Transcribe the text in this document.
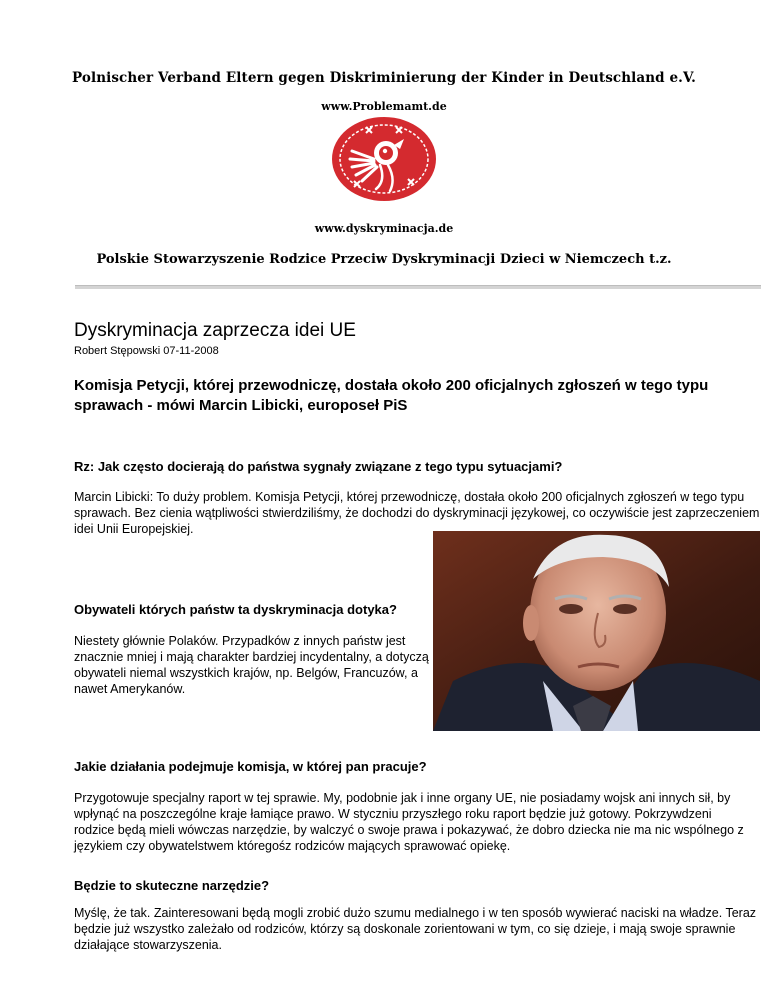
Polnischer Verband Eltern gegen Diskriminierung der Kinder in Deutschland e.V.
www.Problemamt.de
www.dyskryminacja.de
Polskie Stowarzyszenie Rodzice Przeciw Dyskryminacji Dzieci w Niemczech t.z.
Dyskryminacja zaprzecza idei UE
Robert Stępowski 07-11-2008
Komisja Petycji, której przewodniczę, dostała około 200 oficjalnych zgłoszeń w tego typu sprawach - mówi Marcin Libicki, europoseł PiS
Rz: Jak często docierają do państwa sygnały związane z tego typu sytuacjami?
Marcin Libicki: To duży problem. Komisja Petycji, której przewodniczę, dostała około 200 oficjalnych zgłoszeń w tego typu sprawach. Bez cienia wątpliwości stwierdziliśmy, że dochodzi do dyskryminacji językowej, co oczywiście jest zaprzeczeniem idei Unii Europejskiej.
Obywateli których państw ta dyskryminacja dotyka?
Niestety głównie Polaków. Przypadków z innych państw jest znacznie mniej i mają charakter bardziej incydentalny, a dotyczą obywateli niemal wszystkich krajów, np. Belgów, Francuzów, a nawet Amerykanów.
Jakie działania podejmuje komisja, w której pan pracuje?
Przygotowuje specjalny raport w tej sprawie. My, podobnie jak i inne organy UE, nie posiadamy wojsk ani innych sił, by wpłynąć na poszczególne kraje łamiące prawo. W styczniu przyszłego roku raport będzie już gotowy. Pokrzywdzeni rodzice będą mieli wówczas narzędzie, by walczyć o swoje prawa i pokazywać, że dobro dziecka nie ma nic wspólnego z językiem czy obywatelstwem któregośz rodziców mających sprawować opiekę.
Będzie to skuteczne narzędzie?
Myślę, że tak. Zainteresowani będą mogli zrobić dużo szumu medialnego i w ten sposób wywierać naciski na władze. Teraz będzie już wszystko zależało od rodziców, którzy są doskonale zorientowani w tym, co się dzieje, i mają swoje sprawnie działające stowarzyszenia.
